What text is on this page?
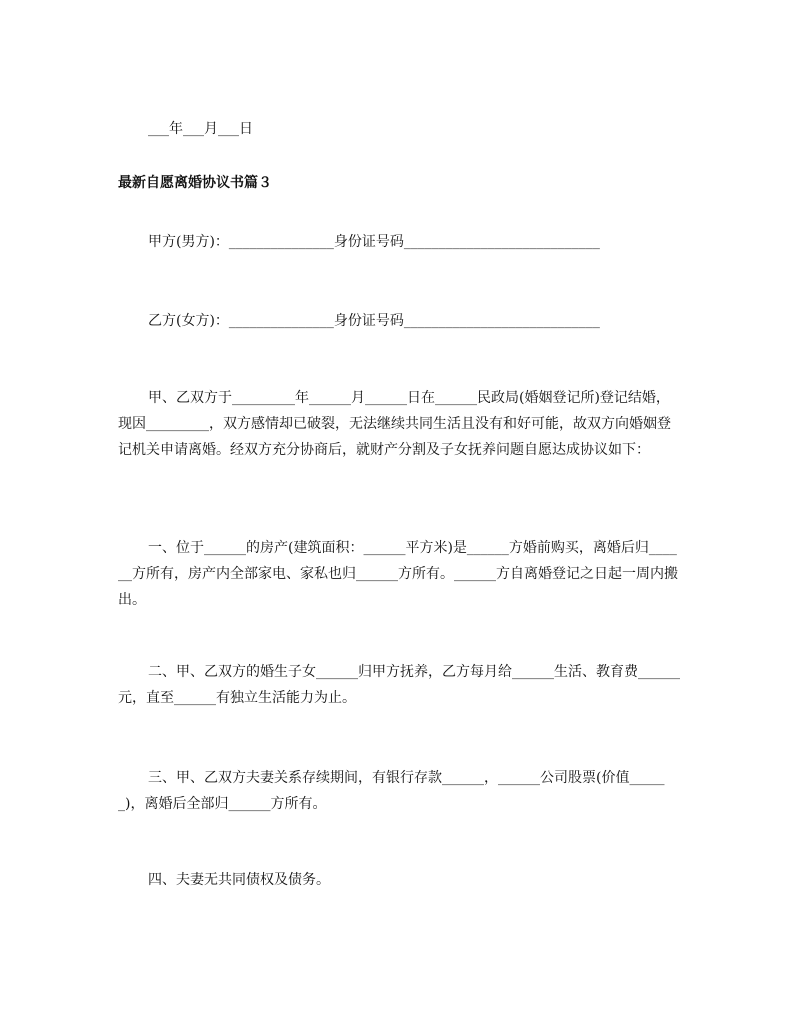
___年___月___日
最新自愿离婚协议书篇３
甲方(男方)：_______________身份证号码____________________________
乙方(女方)：_______________身份证号码____________________________
甲、乙双方于_________年______月______日在______民政局(婚姻登记所)登记结婚，现因_________，双方感情却已破裂，无法继续共同生活且没有和好可能，故双方向婚姻登记机关申请离婚。经双方充分协商后，就财产分割及子女抚养问题自愿达成协议如下：
一、位于______的房产(建筑面积：______平方米)是______方婚前购买，离婚后归______方所有，房产内全部家电、家私也归______方所有。______方自离婚登记之日起一周内搬出。
二、甲、乙双方的婚生子女______归甲方抚养，乙方每月给______生活、教育费______元，直至______有独立生活能力为止。
三、甲、乙双方夫妻关系存续期间，有银行存款______，______公司股票(价值______)，离婚后全部归______方所有。
四、夫妻无共同债权及债务。
